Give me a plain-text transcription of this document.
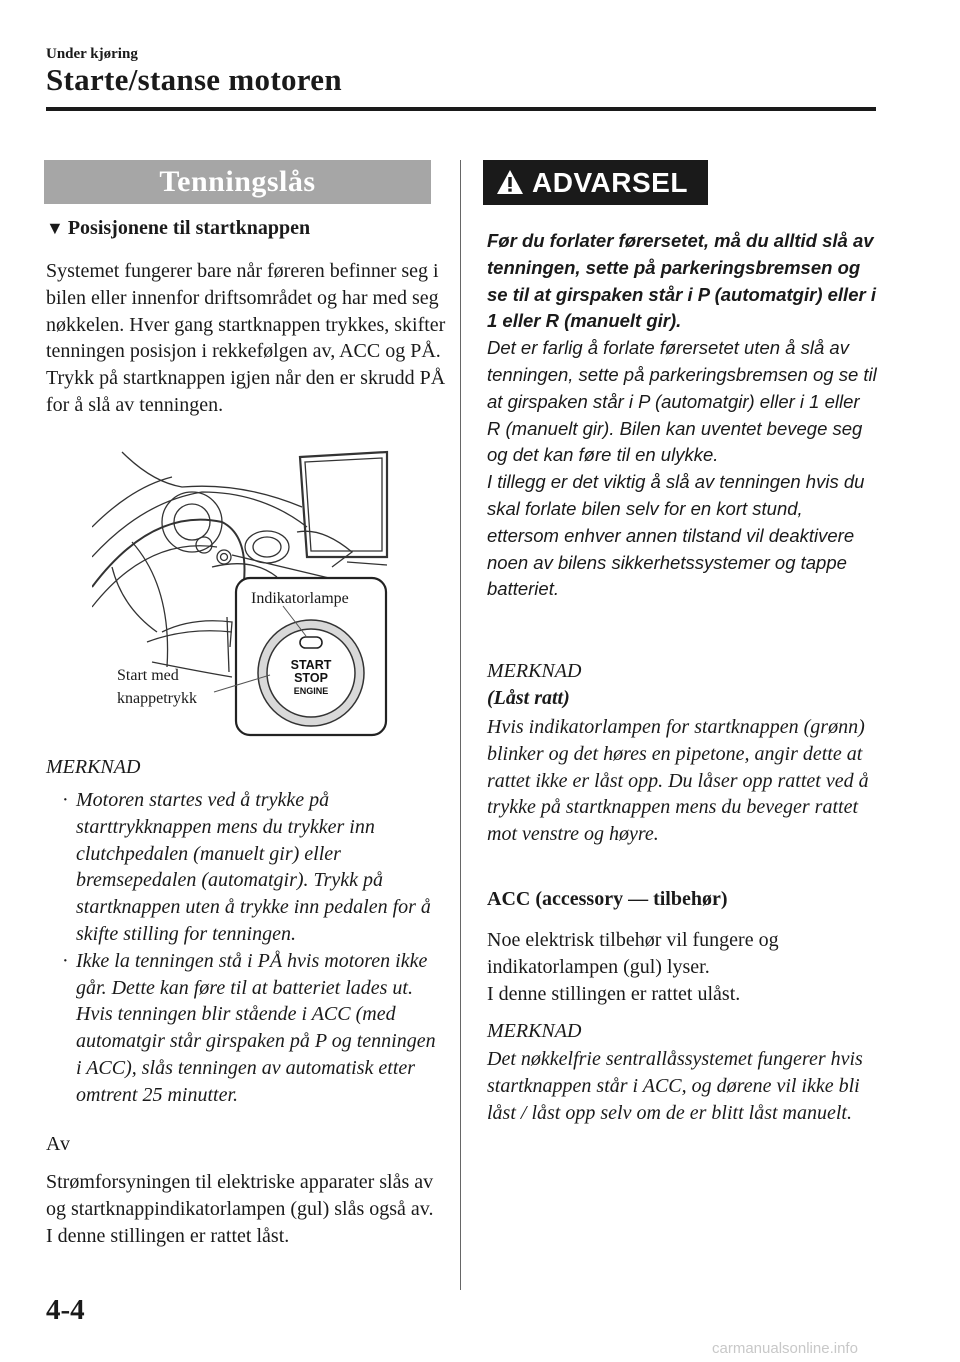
Under kjøring
Starte/stanse motoren
Tenningslås
▼ Posisjonene til startknappen
Systemet fungerer bare når føreren befinner seg i bilen eller innenfor driftsområdet og har med seg nøkkelen. Hver gang startknappen trykkes, skifter tenningen posisjon i rekkefølgen av, ACC og PÅ. Trykk på startknappen igjen når den er skrudd PÅ for å slå av tenningen.
START
STOP
ENGINE
Indikatorlampe
Start med
knappetrykk
MERKNAD
· Motoren startes ved å trykke på starttrykknappen mens du trykker inn clutchpedalen (manuelt gir) eller bremsepedalen (automatgir). Trykk på startknappen uten å trykke inn pedalen for å skifte stilling for tenningen.
· Ikke la tenningen stå i PÅ hvis motoren ikke går. Dette kan føre til at batteriet lades ut. Hvis tenningen blir stående i ACC (med automatgir står girspaken på P og tenningen i ACC), slås tenningen av automatisk etter omtrent 25 minutter.
Av
Strømforsyningen til elektriske apparater slås av og startknappindikatorlampen (gul) slås også av.
I denne stillingen er rattet låst.
ADVARSEL
Før du forlater førersetet, må du alltid slå av tenningen, sette på parkeringsbremsen og se til at girspaken står i P (automatgir) eller i 1 eller R (manuelt gir).
Det er farlig å forlate førersetet uten å slå av tenningen, sette på parkeringsbremsen og se til at girspaken står i P (automatgir) eller i 1 eller R (manuelt gir). Bilen kan uventet bevege seg og det kan føre til en ulykke.
I tillegg er det viktig å slå av tenningen hvis du skal forlate bilen selv for en kort stund, ettersom enhver annen tilstand vil deaktivere noen av bilens sikkerhetssystemer og tappe batteriet.
MERKNAD
(Låst ratt)
Hvis indikatorlampen for startknappen (grønn) blinker og det høres en pipetone, angir dette at rattet ikke er låst opp. Du låser opp rattet ved å trykke på startknappen mens du beveger rattet mot venstre og høyre.
ACC (accessory — tilbehør)
Noe elektrisk tilbehør vil fungere og indikatorlampen (gul) lyser.
I denne stillingen er rattet ulåst.
MERKNAD
Det nøkkelfrie sentrallåssystemet fungerer hvis startknappen står i ACC, og dørene vil ikke bli låst / låst opp selv om de er blitt låst manuelt.
4-4
carmanualsonline.info
